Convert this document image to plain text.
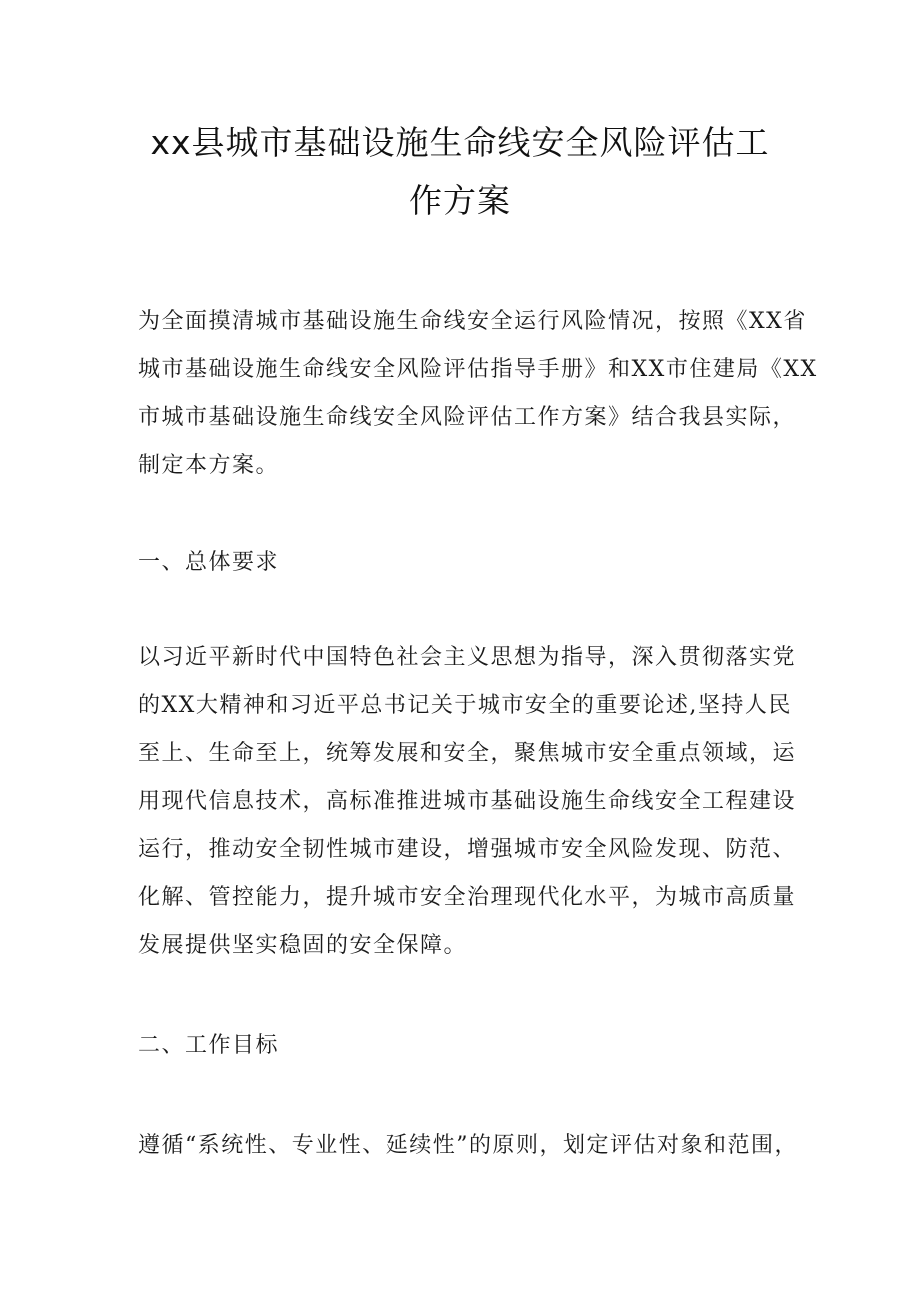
xx县城市基础设施生命线安全风险评估工
作方案
为全面摸清城市基础设施生命线安全运行风险情况，按照《XX省
城市基础设施生命线安全风险评估指导手册》和XX市住建局《XX
市城市基础设施生命线安全风险评估工作方案》结合我县实际，
制定本方案。
一、总体要求
以习近平新时代中国特色社会主义思想为指导，深入贯彻落实党
的XX大精神和习近平总书记关于城市安全的重要论述,坚持人民
至上、生命至上，统筹发展和安全，聚焦城市安全重点领域，运
用现代信息技术，高标准推进城市基础设施生命线安全工程建设
运行，推动安全韧性城市建设，增强城市安全风险发现、防范、
化解、管控能力，提升城市安全治理现代化水平，为城市高质量
发展提供坚实稳固的安全保障。
二、工作目标
遵循“系统性、专业性、延续性”的原则，划定评估对象和范围，
